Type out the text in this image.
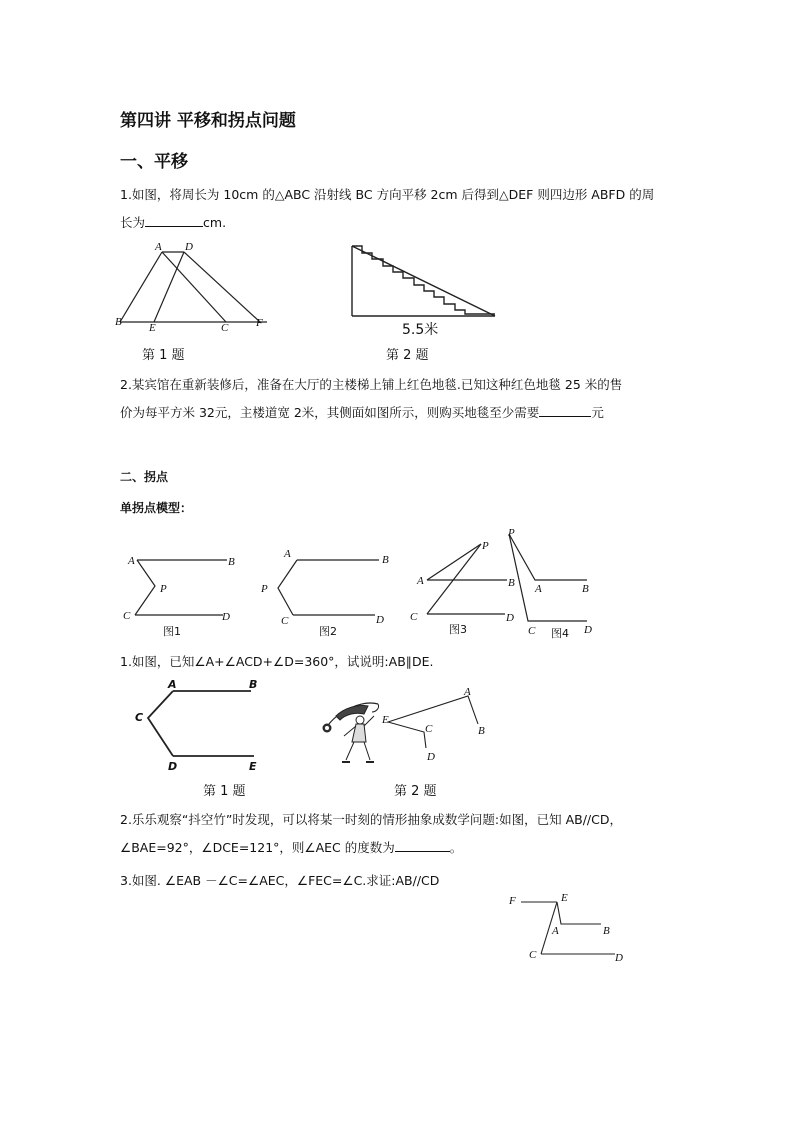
第四讲 平移和拐点问题
一、平移
1.如图，将周长为 10cm 的△ABC 沿射线 BC 方向平移 2cm 后得到△DEF 则四边形 ABFD 的周
长为	cm.
A D
B E	C	F
第 1 题
5.5米
第 2 题
2.某宾馆在重新装修后，准备在大厅的主楼梯上铺上红色地毯.已知这种红色地毯 25 米的售
价为每平方米 32元，主楼道宽 2米，其侧面如图所示，则购买地毯至少需要	元
二、拐点
单拐点模型：
A	B
P
C	D
图1
A	B
P
C	D
图2
A	B
P
C	D
图3
P
A	B
C	D
图4
1.如图，已知∠A+∠ACD+∠D=360°，试说明:AB∥DE.
A	B
C
D	E
第 1 题
E
A
B
C
D
第 2 题
2.乐乐观察“抖空竹”时发现，可以将某一时刻的情形抽象成数学问题:如图，已知 AB//CD，
∠BAE=92°，∠DCE=121°，则∠AEC 的度数为	。
3.如图. ∠EAB －∠C=∠AEC，∠FEC=∠C.求证:AB//CD
F	E
A	B
C	D
